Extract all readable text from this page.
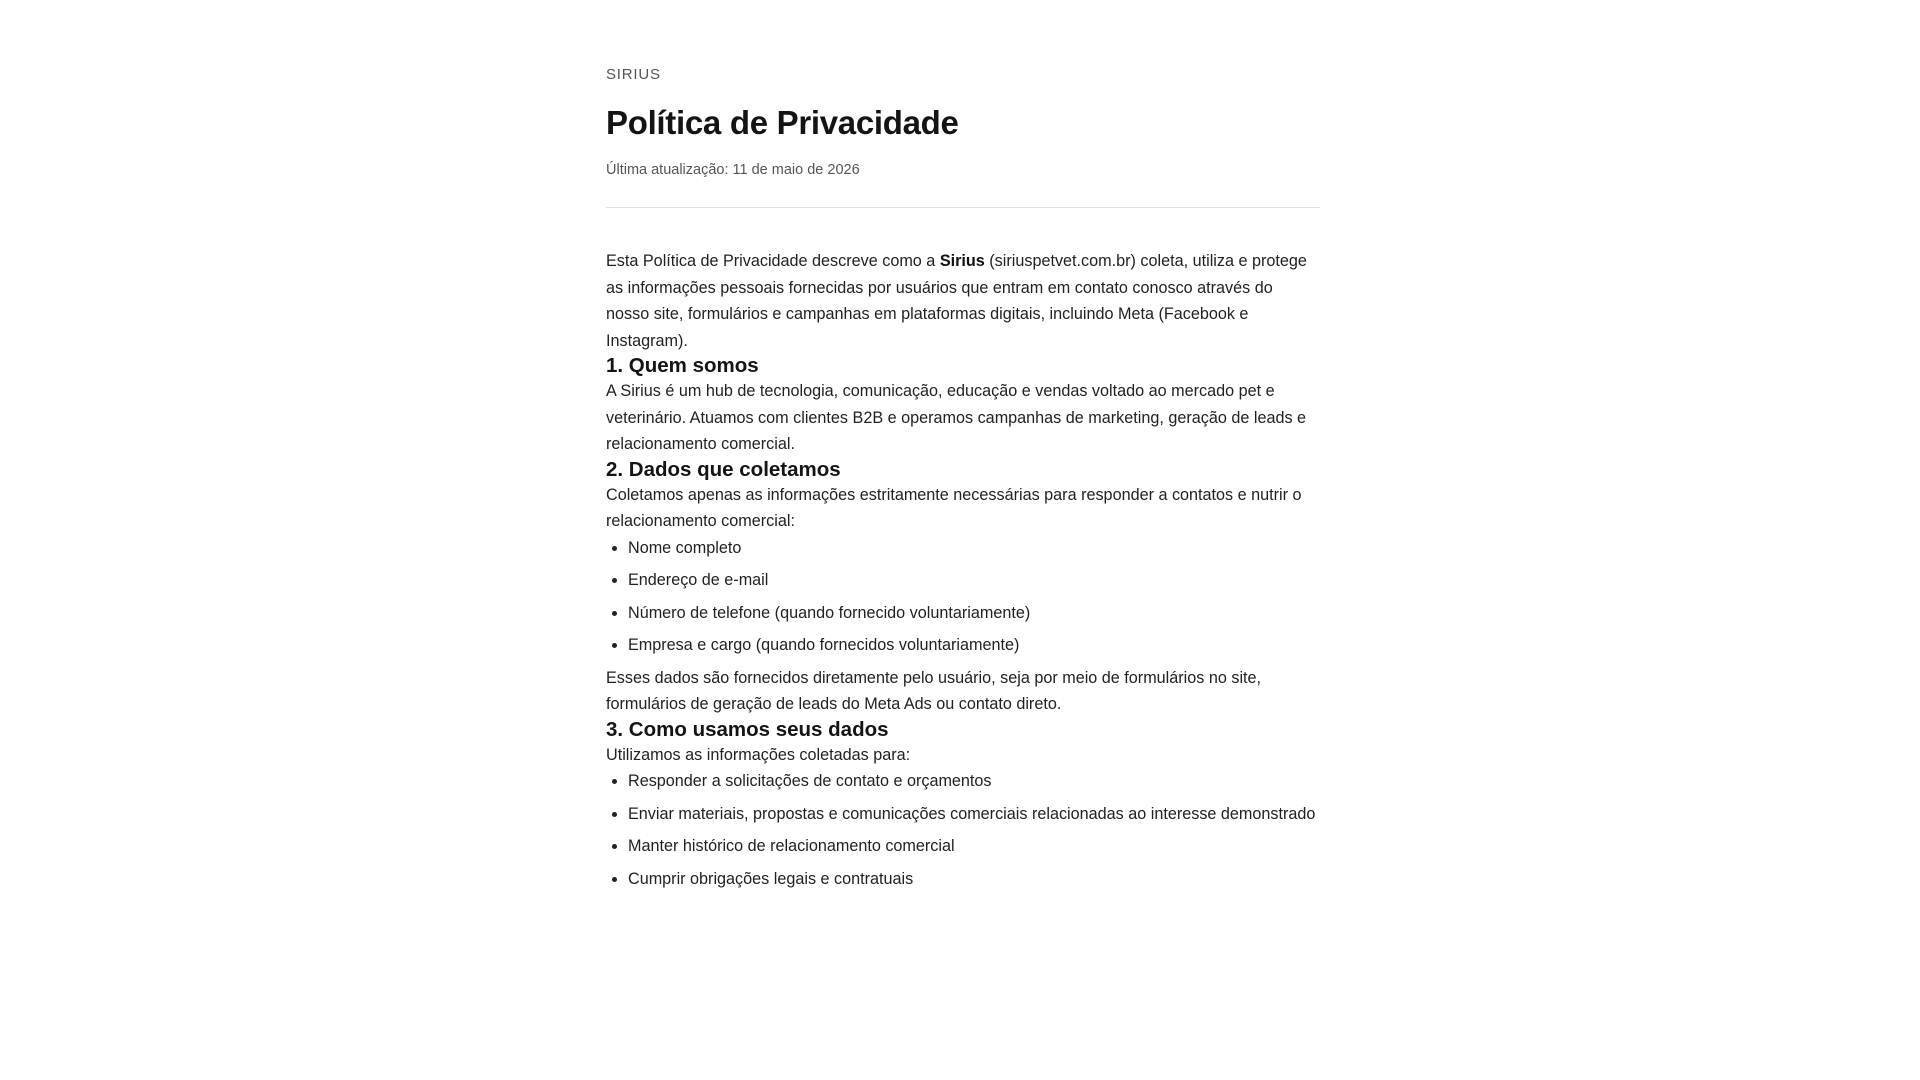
SIRIUS

Política de Privacidade

Última atualização: 11 de maio de 2026

Esta Política de Privacidade descreve como a Sirius (siriuspetvet.com.br) coleta, utiliza e protege as informações pessoais fornecidas por usuários que entram em contato conosco através do nosso site, formulários e campanhas em plataformas digitais, incluindo Meta (Facebook e Instagram).

1. Quem somos

A Sirius é um hub de tecnologia, comunicação, educação e vendas voltado ao mercado pet e veterinário. Atuamos com clientes B2B e operamos campanhas de marketing, geração de leads e relacionamento comercial.

2. Dados que coletamos

Coletamos apenas as informações estritamente necessárias para responder a contatos e nutrir o relacionamento comercial:

• Nome completo
• Endereço de e-mail
• Número de telefone (quando fornecido voluntariamente)
• Empresa e cargo (quando fornecidos voluntariamente)

Esses dados são fornecidos diretamente pelo usuário, seja por meio de formulários no site, formulários de geração de leads do Meta Ads ou contato direto.

3. Como usamos seus dados

Utilizamos as informações coletadas para:

• Responder a solicitações de contato e orçamentos
• Enviar materiais, propostas e comunicações comerciais relacionadas ao interesse demonstrado
• Manter histórico de relacionamento comercial
• Cumprir obrigações legais e contratuais
